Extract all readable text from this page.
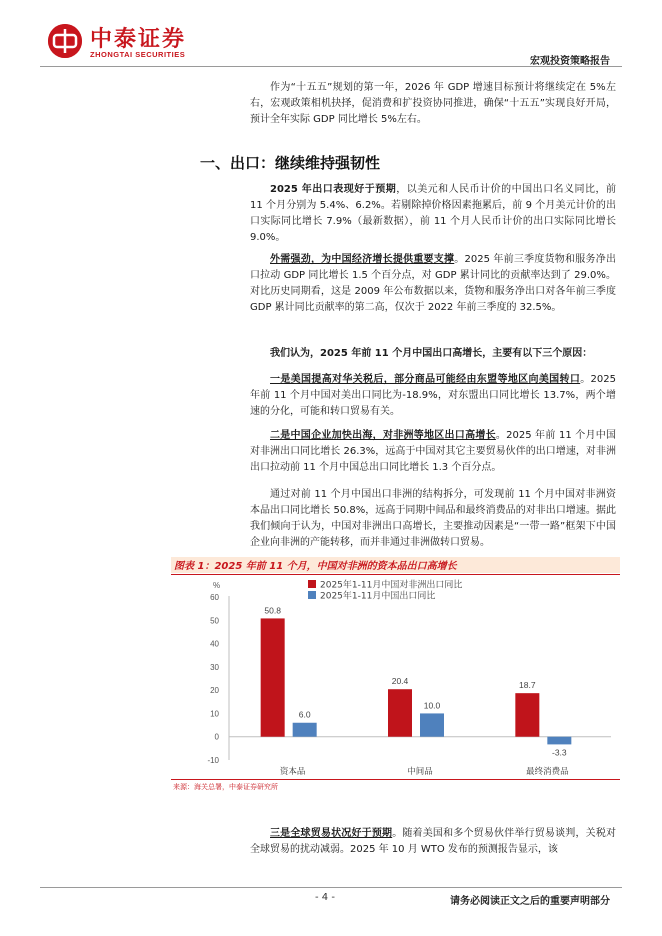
中泰证券
ZHONGTAI SECURITIES
宏观投资策略报告
作为“十五五”规划的第一年，2026 年 GDP 增速目标预计将继续定在 5%左右，宏观政策相机抉择，促消费和扩投资协同推进，确保“十五五”实现良好开局，预计全年实际 GDP 同比增长 5%左右。
一、出口：继续维持强韧性
2025 年出口表现好于预期，以美元和人民币计价的中国出口名义同比，前 11 个月分别为 5.4%、6.2%。若剔除掉价格因素拖累后，前 9 个月美元计价的出口实际同比增长 7.9%（最新数据），前 11 个月人民币计价的出口实际同比增长 9.0%。
外需强劲，为中国经济增长提供重要支撑。2025 年前三季度货物和服务净出口拉动 GDP 同比增长 1.5 个百分点，对 GDP 累计同比的贡献率达到了 29.0%。对比历史同期看，这是 2009 年公布数据以来，货物和服务净出口对各年前三季度 GDP 累计同比贡献率的第二高，仅次于 2022 年前三季度的 32.5%。
我们认为，2025 年前 11 个月中国出口高增长，主要有以下三个原因：
一是美国提高对华关税后，部分商品可能经由东盟等地区向美国转口。2025 年前 11 个月中国对美出口同比为-18.9%，对东盟出口同比增长 13.7%，两个增速的分化，可能和转口贸易有关。
二是中国企业加快出海，对非洲等地区出口高增长。2025 年前 11 个月中国对非洲出口同比增长 26.3%，远高于中国对其它主要贸易伙伴的出口增速，对非洲出口拉动前 11 个月中国总出口同比增长 1.3 个百分点。
通过对前 11 个月中国出口非洲的结构拆分，可发现前 11 个月中国对非洲资本品出口同比增长 50.8%，远高于同期中间品和最终消费品的对非出口增速。据此我们倾向于认为，中国对非洲出口高增长，主要推动因素是“一带一路”框架下中国企业向非洲的产能转移，而并非通过非洲做转口贸易。
图表 1：2025 年前 11 个月，中国对非洲的资本品出口高增长
%
60
50
40
30
20
10
0
-10
50.8
6.0
20.4
10.0
18.7
-3.3
资本品	中间品	最终消费品
2025年1-11月中国对非洲出口同比
2025年1-11月中国出口同比
来源：海关总署，中泰证券研究所
三是全球贸易状况好于预期。随着美国和多个贸易伙伴举行贸易谈判，关税对全球贸易的扰动减弱。2025 年 10 月 WTO 发布的预测报告显示，该
- 4 -	请务必阅读正文之后的重要声明部分
